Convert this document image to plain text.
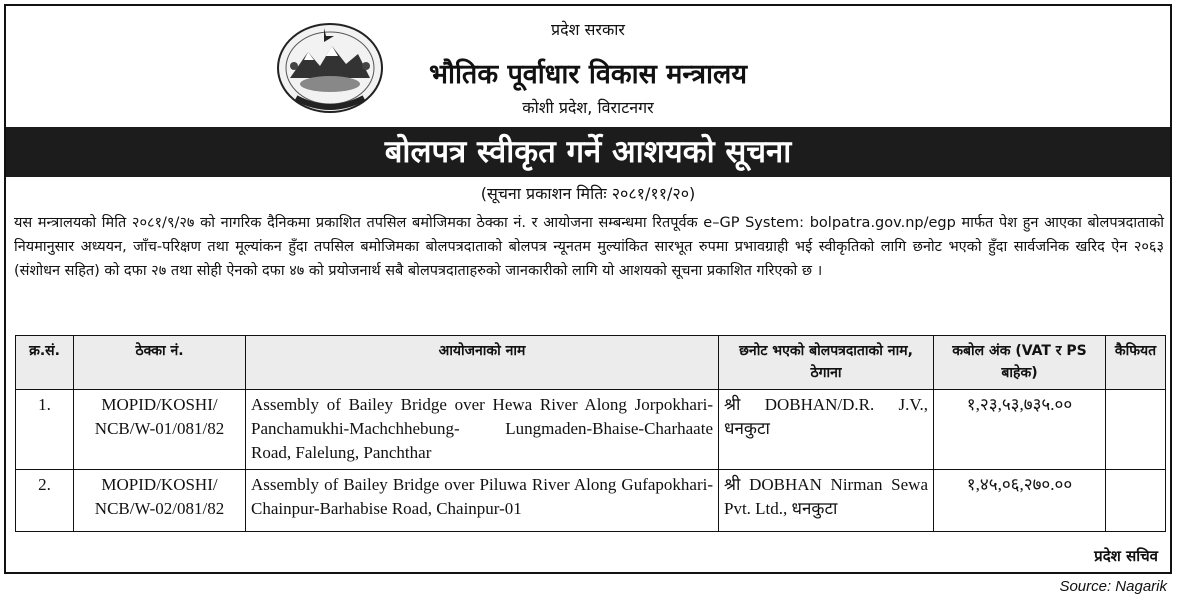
प्रदेश सरकार
भौतिक पूर्वाधार विकास मन्त्रालय
कोशी प्रदेश, विराटनगर
बोलपत्र स्वीकृत गर्ने आशयको सूचना
(सूचना प्रकाशन मितिः २०८१/११/२०)
यस मन्त्रालयको मिति २०८१/९/२७ को नागरिक दैनिकमा प्रकाशित तपसिल बमोजिमका ठेक्का नं. र आयोजना सम्बन्धमा रितपूर्वक e–GP System: bolpatra.gov.np/egp मार्फत पेश हुन आएका बोलपत्रदाताको नियमानुसार अध्ययन, जाँच-परिक्षण तथा मूल्यांकन हुँदा तपसिल बमोजिमका बोलपत्रदाताको बोलपत्र न्यूनतम मुल्यांकित सारभूत रुपमा प्रभावग्राही भई स्वीकृतिको लागि छनोट भएको हुँदा सार्वजनिक खरिद ऐन २०६३ (संशोधन सहित) को दफा २७ तथा सोही ऐनको दफा ४७ को प्रयोजनार्थ सबै बोलपत्रदाताहरुको जानकारीको लागि यो आशयको सूचना प्रकाशित गरिएको छ ।
क्र.सं.	ठेक्का नं.	आयोजनाको नाम	छनोट भएको बोलपत्रदाताको नाम, ठेगाना	कबोल अंक (VAT र PS बाहेक)	कैफियत
1.	MOPID/KOSHI/ NCB/W-01/081/82	Assembly of Bailey Bridge over Hewa River Along Jorpokhari-Panchamukhi-Machchhebung- Lungmaden-Bhaise-Charhaate Road, Falelung, Panchthar	श्री DOBHAN/D.R. J.V., धनकुटा	१,२३,५३,७३५.००	
2.	MOPID/KOSHI/ NCB/W-02/081/82	Assembly of Bailey Bridge over Piluwa River Along Gufapokhari-Chainpur-Barhabise Road, Chainpur-01	श्री DOBHAN Nirman Sewa Pvt. Ltd., धनकुटा	१,४५,०६,२७०.००	
प्रदेश सचिव
Source: Nagarik
